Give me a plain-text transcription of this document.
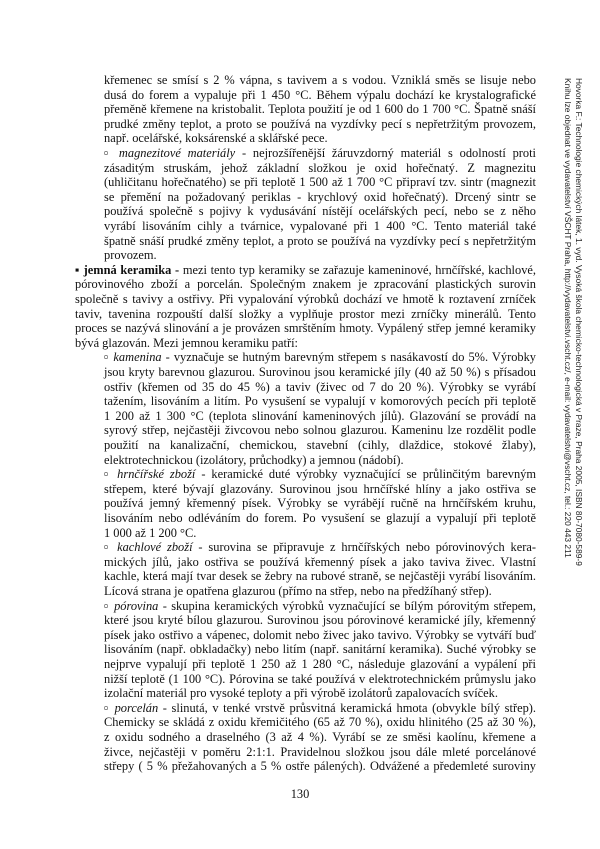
křemenec se smísí s 2 % vápna, s tavivem a s vodou. Vzniklá směs se lisuje nebo
dusá do forem a vypaluje při 1 450 °C. Během výpalu dochází ke krystalografické
přeměně křemene na kristobalit. Teplota použití je od 1 600 do 1 700 °C. Špatně snáší
prudké změny teplot, a proto se používá na vyzdívky pecí s nepřetržitým provozem,
např. ocelářské, koksárenské a sklářské pece.
▫ magnezitové materiály - nejrozšířenější žáruvzdorný materiál s odolností proti
zásaditým struskám, jehož základní složkou je oxid hořečnatý. Z magnezitu
(uhličitanu hořečnatého) se při teplotě 1 500 až 1 700 °C připraví tzv. sintr (magnezit
se přemění na požadovaný periklas - krychlový oxid hořečnatý). Drcený sintr se
používá společně s pojivy k vydusávání nístějí ocelářských pecí, nebo se z něho
vyrábí lisováním cihly a tvárnice, vypalované při 1 400 °C. Tento materiál také
špatně snáší prudké změny teplot, a proto se používá na vyzdívky pecí s nepřetržitým
provozem.
▪ jemná keramika - mezi tento typ keramiky se zařazuje kameninové, hrnčířské, kachlové,
pórovinového zboží a porcelán. Společným znakem je zpracování plastických surovin
společně s tavivy a ostřivy. Při vypalování výrobků dochází ve hmotě k roztavení zrníček
taviv, tavenina rozpouští další složky a vyplňuje prostor mezi zrníčky minerálů. Tento
proces se nazývá slinování a je provázen smrštěním hmoty. Vypálený střep jemné keramiky
bývá glazován. Mezi jemnou keramiku patří:
▫ kamenina - vyznačuje se hutným barevným střepem s nasákavostí do 5%. Výrobky
jsou kryty barevnou glazurou. Surovinou jsou keramické jíly (40 až 50 %) s přísadou
ostřiv (křemen od 35 do 45 %) a taviv (živec od 7 do 20 %). Výrobky se vyrábí
tažením, lisováním a litím. Po vysušení se vypalují v komorových pecích při teplotě
1 200 až 1 300 °C (teplota slinování kameninových jílů). Glazování se provádí na
syrový střep, nejčastěji živcovou nebo solnou glazurou. Kameninu lze rozdělit podle
použití na kanalizační, chemickou, stavební (cihly, dlaždice, stokové žlaby),
elektrotechnickou (izolátory, průchodky) a jemnou (nádobí).
▫ hrnčířské zboží - keramické duté výrobky vyznačující se průlinčitým barevným
střepem, které bývají glazovány. Surovinou jsou hrnčířské hlíny a jako ostřiva se
používá jemný křemenný písek. Výrobky se vyrábějí ručně na hrnčířském kruhu,
lisováním nebo odléváním do forem. Po vysušení se glazují a vypalují při teplotě
1 000 až 1 200 °C.
▫ kachlové zboží - surovina se připravuje z hrnčířských nebo pórovinových kera-
mických jílů, jako ostřiva se používá křemenný písek a jako taviva živec. Vlastní
kachle, která mají tvar desek se žebry na rubové straně, se nejčastěji vyrábí lisováním.
Lícová strana je opatřena glazurou (přímo na střep, nebo na předžíhaný střep).
▫ pórovina - skupina keramických výrobků vyznačující se bílým pórovitým střepem,
které jsou kryté bílou glazurou. Surovinou jsou pórovinové keramické jíly, křemenný
písek jako ostřivo a vápenec, dolomit nebo živec jako tavivo. Výrobky se vytváří buď
lisováním (např. obkladačky) nebo litím (např. sanitární keramika). Suché výrobky se
nejprve vypalují při teplotě 1 250 až 1 280 °C, následuje glazování a vypálení při
nižší teplotě (1 100 °C). Pórovina se také používá v elektrotechnickém průmyslu jako
izolační materiál pro vysoké teploty a při výrobě izolátorů zapalovacích svíček.
▫ porcelán - slinutá, v tenké vrstvě průsvitná keramická hmota (obvykle bílý střep).
Chemicky se skládá z oxidu křemičitého (65 až 70 %), oxidu hlinitého (25 až 30 %),
z oxidu sodného a draselného (3 až 4 %). Vyrábí se ze směsi kaolínu, křemene a
živce, nejčastěji v poměru 2:1:1. Pravidelnou složkou jsou dále mleté porcelánové
střepy ( 5 % přežahovaných a 5 % ostře pálených). Odvážené a předemleté suroviny
130
Hovorka F.: Technologie chemických látek, 1. vyd. Vysoká škola chemicko-technologická v Praze, Praha 2005, ISBN 80-7080-589-9
Knihu lze objednat ve vydavatelství VŠCHT Praha, http://vydavatelstvi.vscht.cz/, e-mail: vydavatelstvi@vscht.cz, tel.: 220 443 211
